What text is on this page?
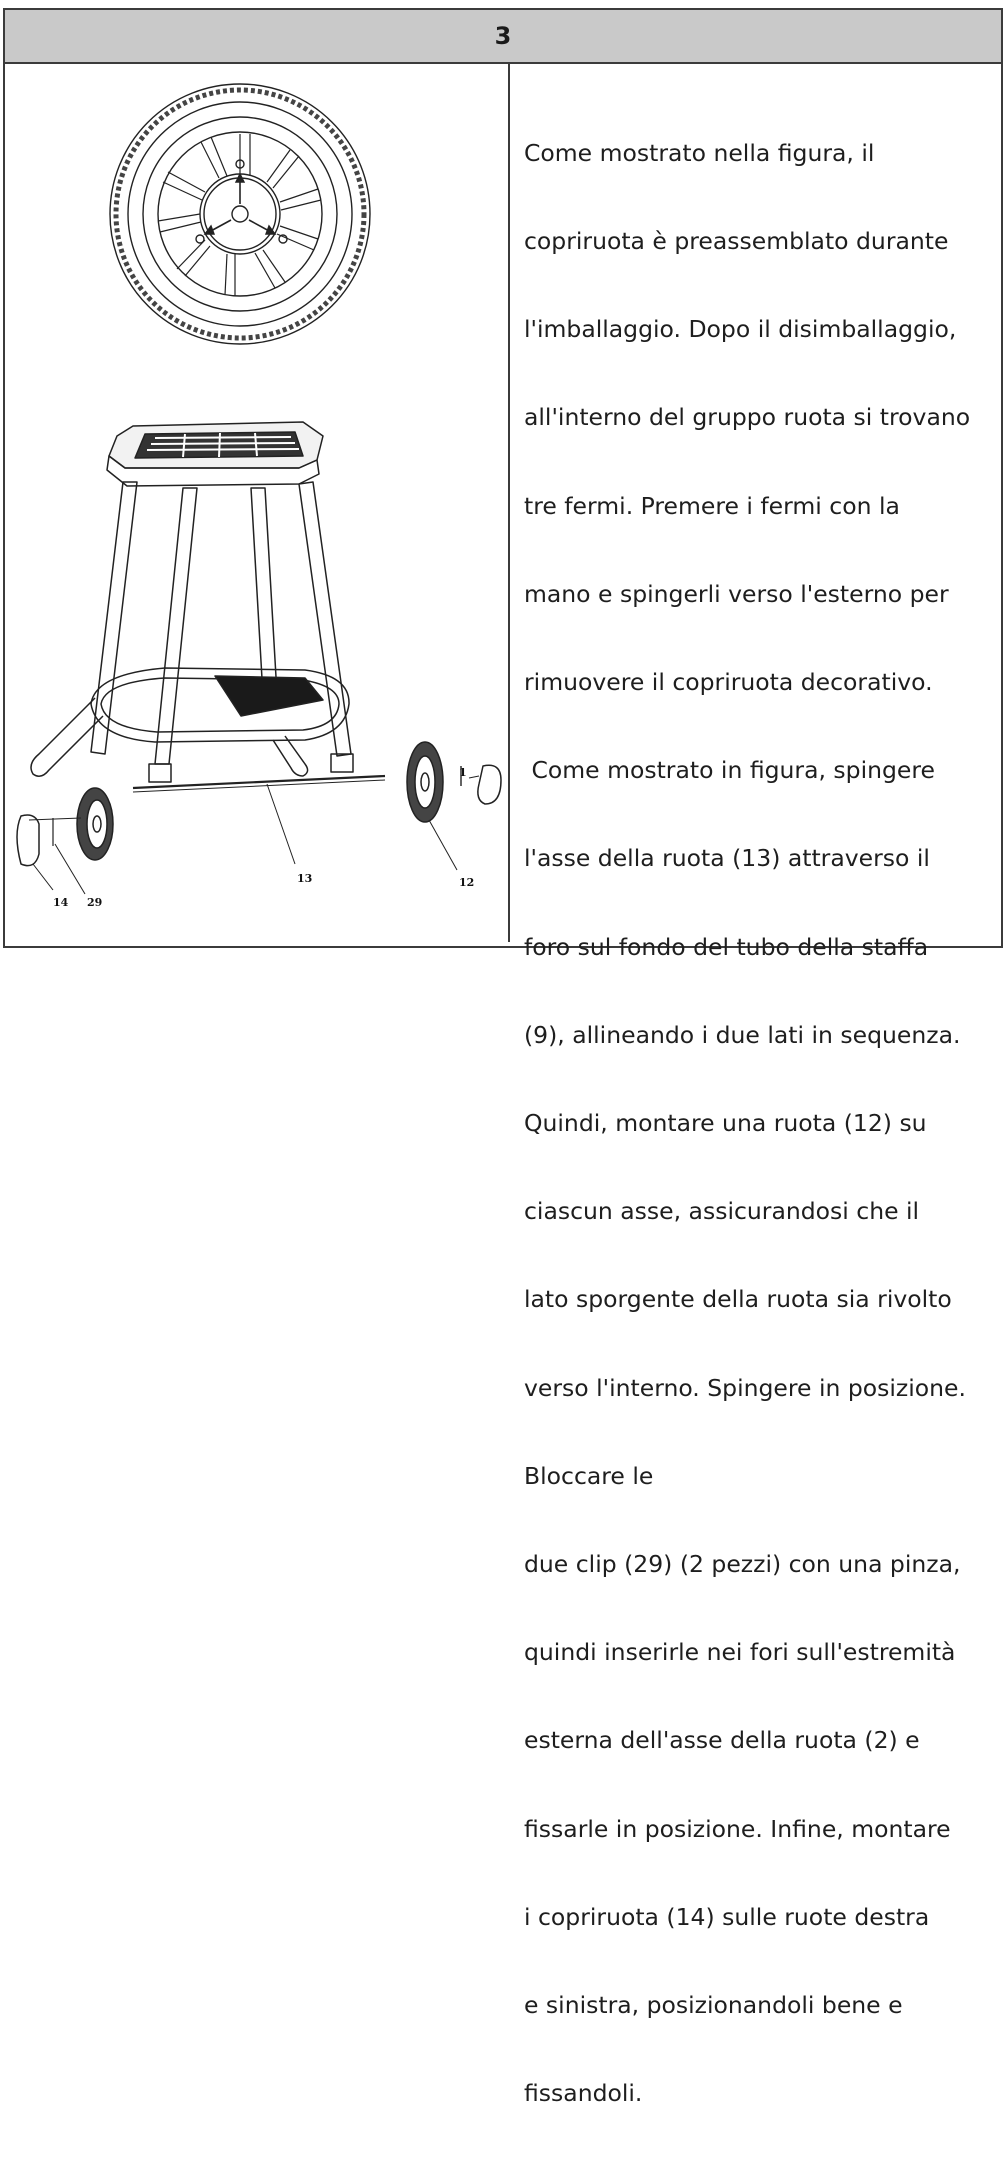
3
13
14 29
12
1

Come mostrato nella figura, il

copriruota è preassemblato durante

l'imballaggio. Dopo il disimballaggio,

all'interno del gruppo ruota si trovano

tre fermi. Premere i fermi con la

mano e spingerli verso l'esterno per

rimuovere il copriruota decorativo.

Come mostrato in figura, spingere

l'asse della ruota (13) attraverso il

foro sul fondo del tubo della staffa

(9), allineando i due lati in sequenza.

Quindi, montare una ruota (12) su

ciascun asse, assicurandosi che il

lato sporgente della ruota sia rivolto

verso l'interno. Spingere in posizione.

Bloccare le

due clip (29) (2 pezzi) con una pinza,

quindi inserirle nei fori sull'estremità

esterna dell'asse della ruota (2) e

fissarle in posizione. Infine, montare

i copriruota (14) sulle ruote destra

e sinistra, posizionandoli bene e

fissandoli.
